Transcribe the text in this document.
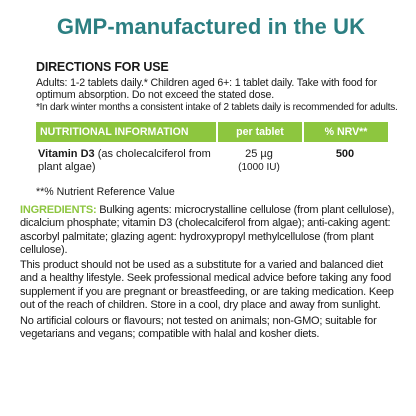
GMP-manufactured in the UK
DIRECTIONS FOR USE
Adults: 1-2 tablets daily.* Children aged 6+: 1 tablet daily. Take with food for optimum absorption. Do not exceed the stated dose.
*In dark winter months a consistent intake of 2 tablets daily is recommended for adults.
NUTRITIONAL INFORMATION	per tablet	% NRV**
Vitamin D3 (as cholecalciferol from plant algae)
25 µg
(1000 IU)
500
**% Nutrient Reference Value
INGREDIENTS: Bulking agents: microcrystalline cellulose (from plant cellulose), dicalcium phosphate; vitamin D3 (cholecalciferol from algae); anti-caking agent: ascorbyl palmitate; glazing agent: hydroxypropyl methylcellulose (from plant cellulose).

This product should not be used as a substitute for a varied and balanced diet and a healthy lifestyle. Seek professional medical advice before taking any food supplement if you are pregnant or breastfeeding, or are taking medication. Keep out of the reach of children. Store in a cool, dry place and away from sunlight.

No artificial colours or flavours; not tested on animals; non-GMO; suitable for vegetarians and vegans; compatible with halal and kosher diets.
